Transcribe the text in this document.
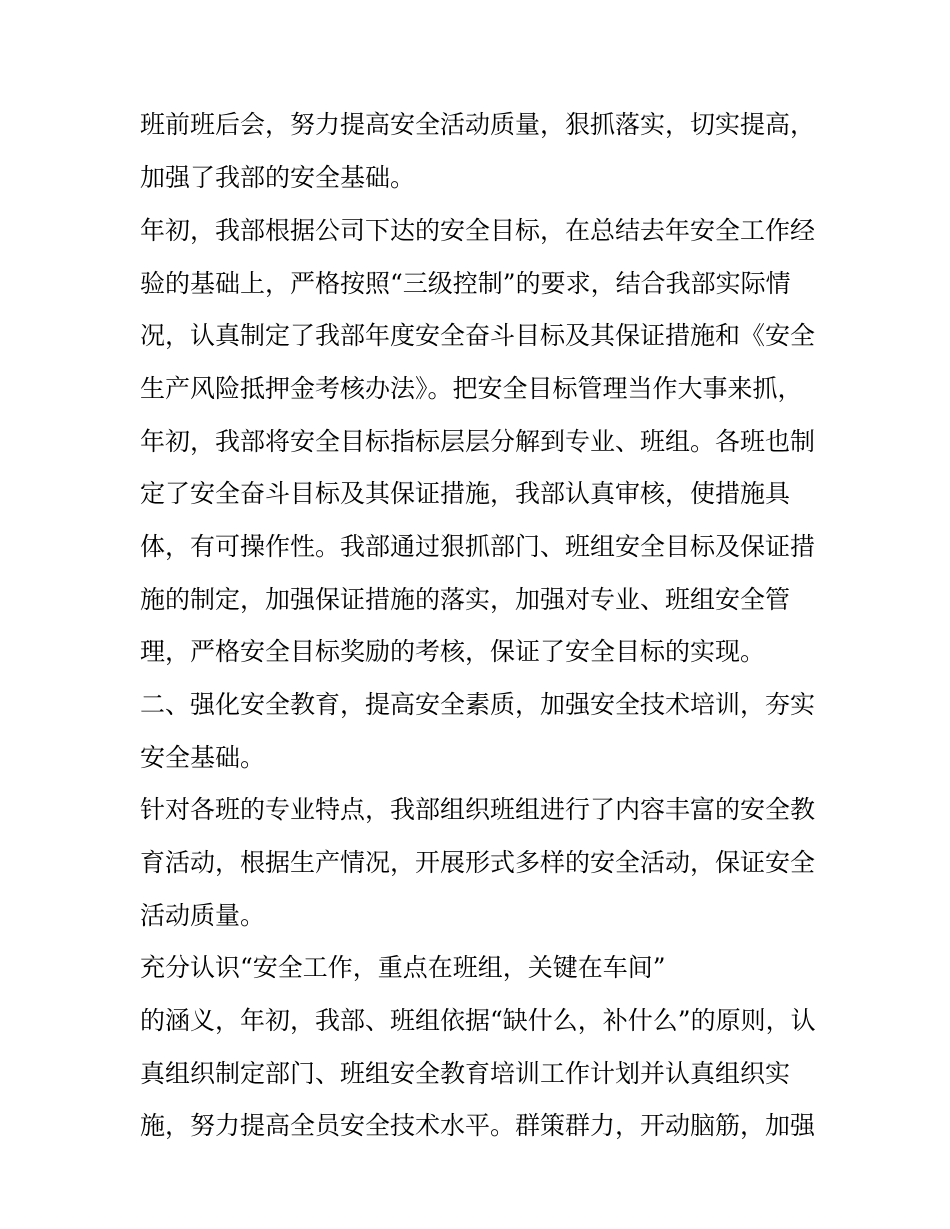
班前班后会，努力提高安全活动质量，狠抓落实，切实提高，
加强了我部的安全基础。
年初，我部根据公司下达的安全目标，在总结去年安全工作经
验的基础上，严格按照“三级控制”的要求，结合我部实际情
况，认真制定了我部年度安全奋斗目标及其保证措施和《安全
生产风险抵押金考核办法》。把安全目标管理当作大事来抓，
年初，我部将安全目标指标层层分解到专业、班组。各班也制
定了安全奋斗目标及其保证措施，我部认真审核，使措施具
体，有可操作性。我部通过狠抓部门、班组安全目标及保证措
施的制定，加强保证措施的落实，加强对专业、班组安全管
理，严格安全目标奖励的考核，保证了安全目标的实现。
二、强化安全教育，提高安全素质，加强安全技术培训，夯实
安全基础。
针对各班的专业特点，我部组织班组进行了内容丰富的安全教
育活动，根据生产情况，开展形式多样的安全活动，保证安全
活动质量。
充分认识“安全工作，重点在班组，关键在车间”
的涵义，年初，我部、班组依据“缺什么，补什么”的原则，认
真组织制定部门、班组安全教育培训工作计划并认真组织实
施，努力提高全员安全技术水平。群策群力，开动脑筋，加强
